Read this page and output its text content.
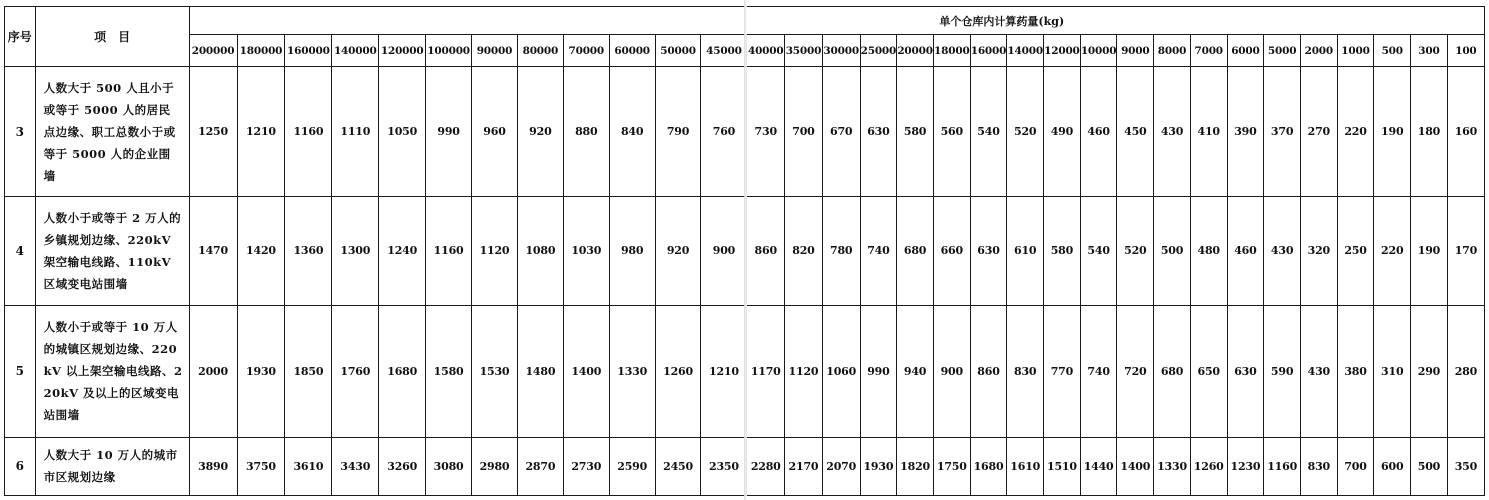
序号	项　目	单个仓库内计算药量(kg)																															
		200000	180000	160000	140000	120000	100000	90000	80000	70000	60000	50000	45000	40000	35000	30000	25000	20000	18000	16000	14000	12000	10000	9000	8000	7000	6000	5000	2000	1000	500	300	100
3	人数大于 500 人且小于或等于 5000 人的居民点边缘、职工总数小于或等于 5000 人的企业围墙	1250	1210	1160	1110	1050	990	960	920	880	840	790	760	730	700	670	630	580	560	540	520	490	460	450	430	410	390	370	270	220	190	180	160
4	人数小于或等于 2 万人的乡镇规划边缘、220kV 架空输电线路、110kV 区域变电站围墙	1470	1420	1360	1300	1240	1160	1120	1080	1030	980	920	900	860	820	780	740	680	660	630	610	580	540	520	500	480	460	430	320	250	220	190	170
5	人数小于或等于 10 万人的城镇区规划边缘、220kV 以上架空输电线路、220kV 及以上的区域变电站围墙	2000	1930	1850	1760	1680	1580	1530	1480	1400	1330	1260	1210	1170	1120	1060	990	940	900	860	830	770	740	720	680	650	630	590	430	380	310	290	280
6	人数大于 10 万人的城市市区规划边缘	3890	3750	3610	3430	3260	3080	2980	2870	2730	2590	2450	2350	2280	2170	2070	1930	1820	1750	1680	1610	1510	1440	1400	1330	1260	1230	1160	830	700	600	500	350
